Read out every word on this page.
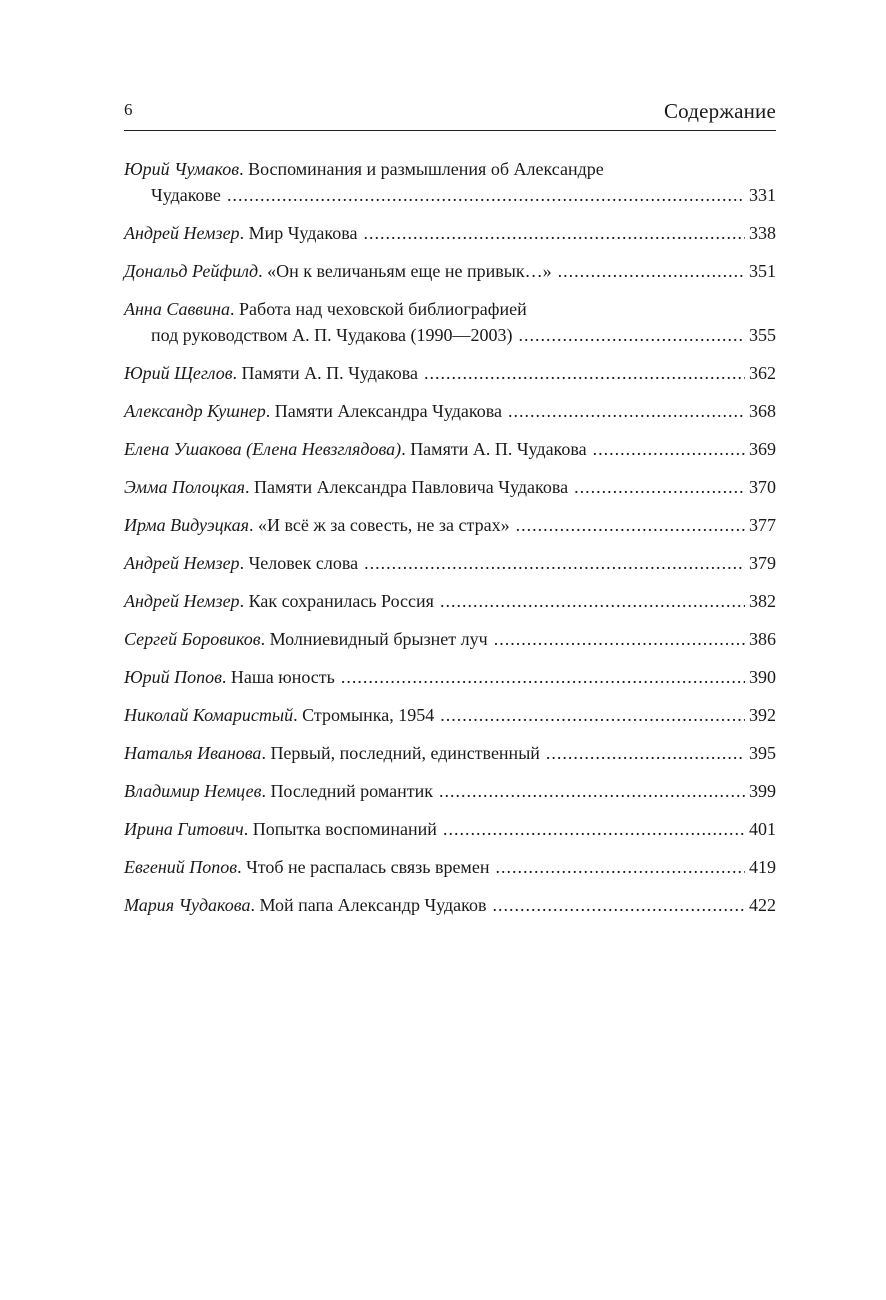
6	Содержание
Юрий Чумаков. Воспоминания и размышления об Александре
Чудакове .....	331
Андрей Немзер . Мир Чудакова .....	338
Дональд Рейфилд . «Он к величаньям еще не привык…» .....	351
Анна Саввина. Работа над чеховской библиографией
под руководством А. П. Чудакова (1990—2003) .....	355
Юрий Щеглов . Памяти А. П. Чудакова .....	362
Александр Кушнер . Памяти Александра Чудакова .....	368
Елена Ушакова (Елена Невзглядова) . Памяти А. П. Чудакова .....	369
Эмма Полоцкая . Памяти Александра Павловича Чудакова .....	370
Ирма Видуэцкая . «И всё ж за совесть, не за страх» .....	377
Андрей Немзер . Человек слова .....	379
Андрей Немзер . Как сохранилась Россия .....	382
Сергей Боровиков . Молниевидный брызнет луч .....	386
Юрий Попов . Наша юность .....	390
Николай Комаристый . Стромынка, 1954 .....	392
Наталья Иванова . Первый, последний, единственный .....	395
Владимир Немцев . Последний романтик .....	399
Ирина Гитович . Попытка воспоминаний .....	401
Евгений Попов . Чтоб не распалась связь времен .....	419
Мария Чудакова . Мой папа Александр Чудаков .....	422
